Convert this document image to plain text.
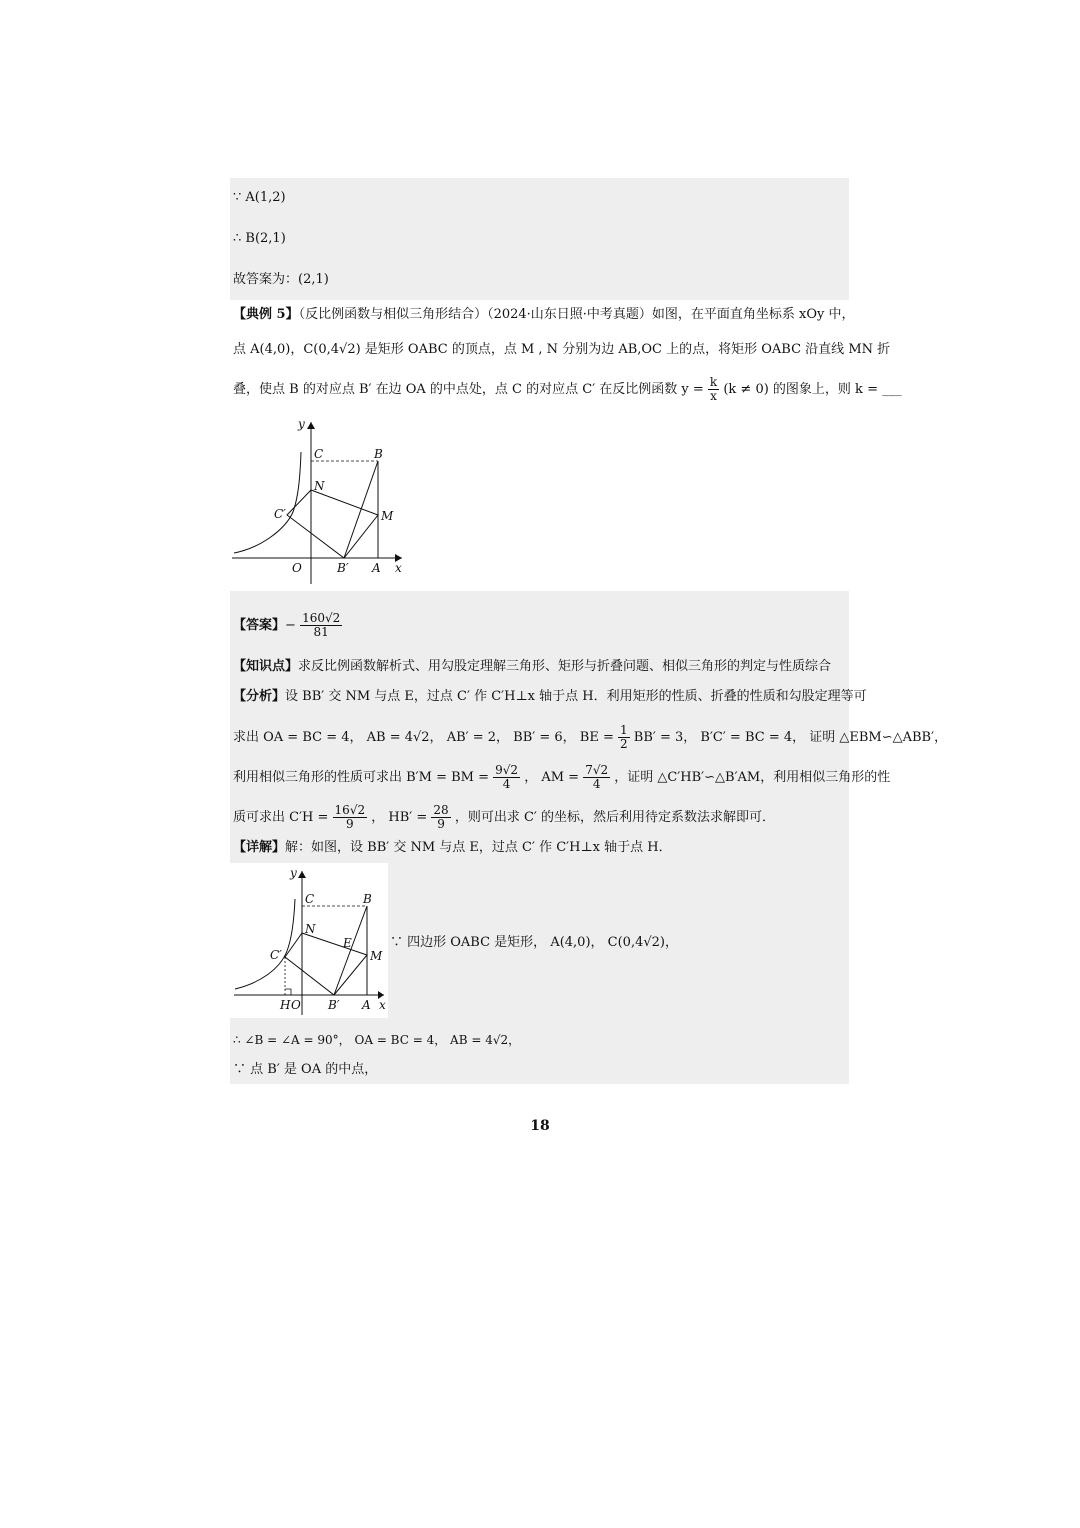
∵ A(1,2)
∴ B(2,1)
故答案为：(2,1)
【典例 5】（反比例函数与相似三角形结合）（2024·山东日照·中考真题）如图，在平面直角坐标系 xOy 中，
点 A(4,0)，C(0,4√2) 是矩形 OABC 的顶点，点 M , N 分别为边 AB,OC 上的点，将矩形 OABC 沿直线 MN 折
叠，使点 B 的对应点 B′ 在边 OA 的中点处，点 C 的对应点 C′ 在反比例函数 $y = \frac{k}{x} (k \ne 0)$ 的图象上，则 k = ___
y
x
O
C	B
N
M
C′
B′ A
【答案】− $\frac{160√2}{81}$
【知识点】求反比例函数解析式、用勾股定理解三角形、矩形与折叠问题、相似三角形的判定与性质综合
【分析】设 BB′ 交 NM 与点 E，过点 C′ 作 C′H⊥x 轴于点 H．利用矩形的性质、折叠的性质和勾股定理等可
求出 OA = BC = 4， AB = 4√2， AB′ = 2， BB′ = 6， BE = $\frac{1}{2} BB' = 3$， B′C′ = BC = 4， 证明 △EBM∽△ABB′，
利用相似三角形的性质可求出 B′M = BM = $\frac{9√2}{4}$ ， AM = $\frac{7√2}{4}$ ，证明 △C′HB′∽△B′AM，利用相似三角形的性
质可求出 $C'H = \frac{16√2}{9}$ ， $HB' = \frac{28}{9}$ ，则可出求 C′ 的坐标，然后利用待定系数法求解即可．
【详解】解：如图，设 BB′ 交 NM 与点 E，过点 C′ 作 C′H⊥x 轴于点 H．
y
x
O
H
C	B
N
E
M
C′
B′ A
∵ 四边形 OABC 是矩形， A(4,0)， C(0,4√2)，
∴ ∠B = ∠A = 90°， OA = BC = 4， AB = 4√2，
∵ 点 B′ 是 OA 的中点，
18
